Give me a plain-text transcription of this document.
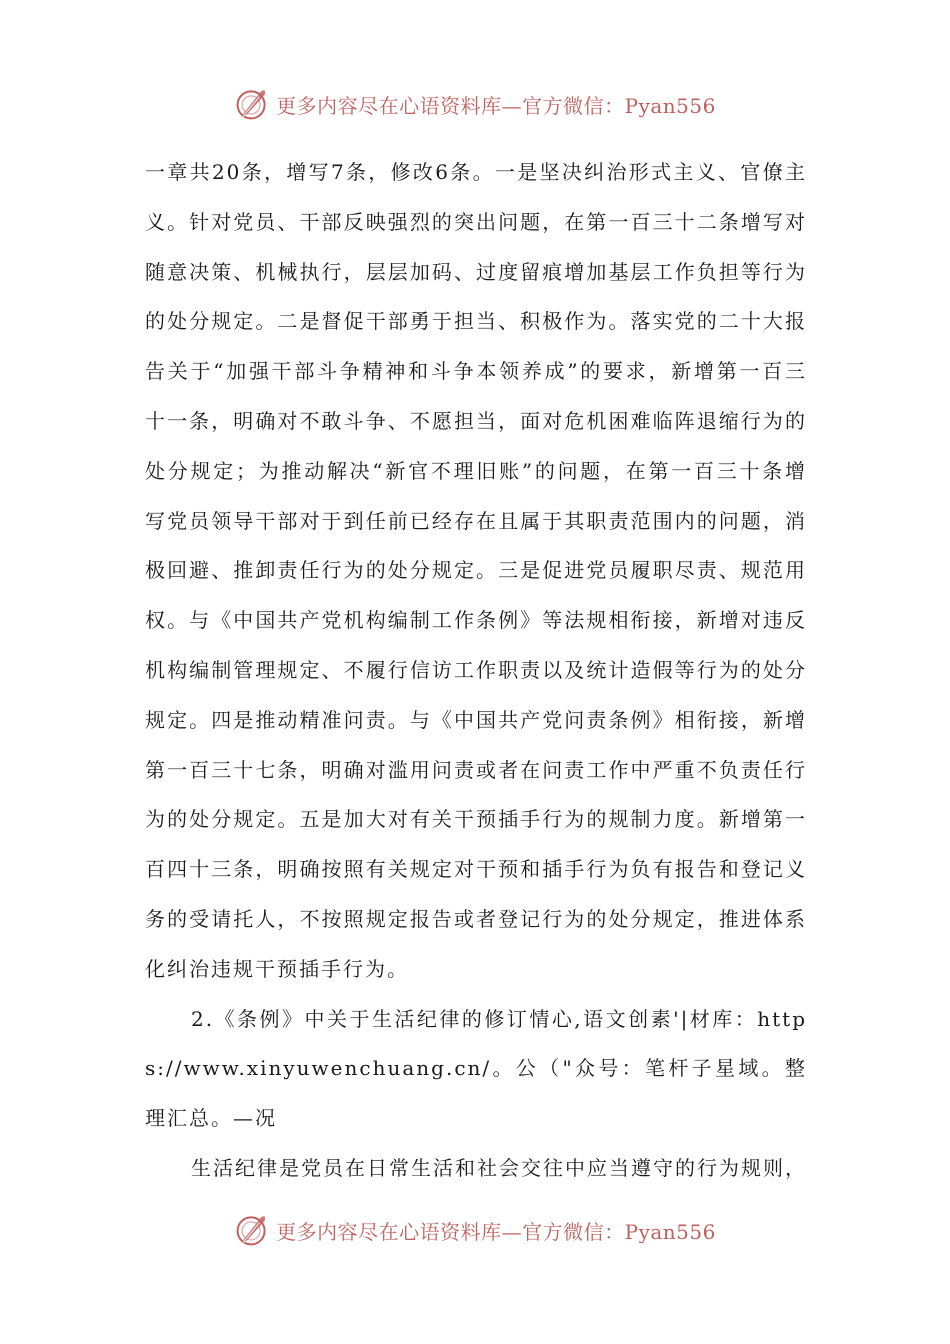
更多内容尽在心语资料库—官方微信：Pyan556

一章共20条，增写7条，修改6条。一是坚决纠治形式主义、官僚主义。针对党员、干部反映强烈的突出问题，在第一百三十二条增写对随意决策、机械执行，层层加码、过度留痕增加基层工作负担等行为的处分规定。二是督促干部勇于担当、积极作为。落实党的二十大报告关于“加强干部斗争精神和斗争本领养成”的要求，新增第一百三十一条，明确对不敢斗争、不愿担当，面对危机困难临阵退缩行为的处分规定；为推动解决“新官不理旧账”的问题，在第一百三十条增写党员领导干部对于到任前已经存在且属于其职责范围内的问题，消极回避、推卸责任行为的处分规定。三是促进党员履职尽责、规范用权。与《中国共产党机构编制工作条例》等法规相衔接，新增对违反机构编制管理规定、不履行信访工作职责以及统计造假等行为的处分规定。四是推动精准问责。与《中国共产党问责条例》相衔接，新增第一百三十七条，明确对滥用问责或者在问责工作中严重不负责任行为的处分规定。五是加大对有关干预插手行为的规制力度。新增第一百四十三条，明确按照有关规定对干预和插手行为负有报告和登记义务的受请托人，不按照规定报告或者登记行为的处分规定，推进体系化纠治违规干预插手行为。

2.《条例》中关于生活纪律的修订情心,语文创素'|材库：https://www.xinyuwenchuang.cn/。公（"众号：笔杆子星域。整理汇总。—况

生活纪律是党员在日常生活和社会交往中应当遵守的行为规则，

更多内容尽在心语资料库—官方微信：Pyan556
